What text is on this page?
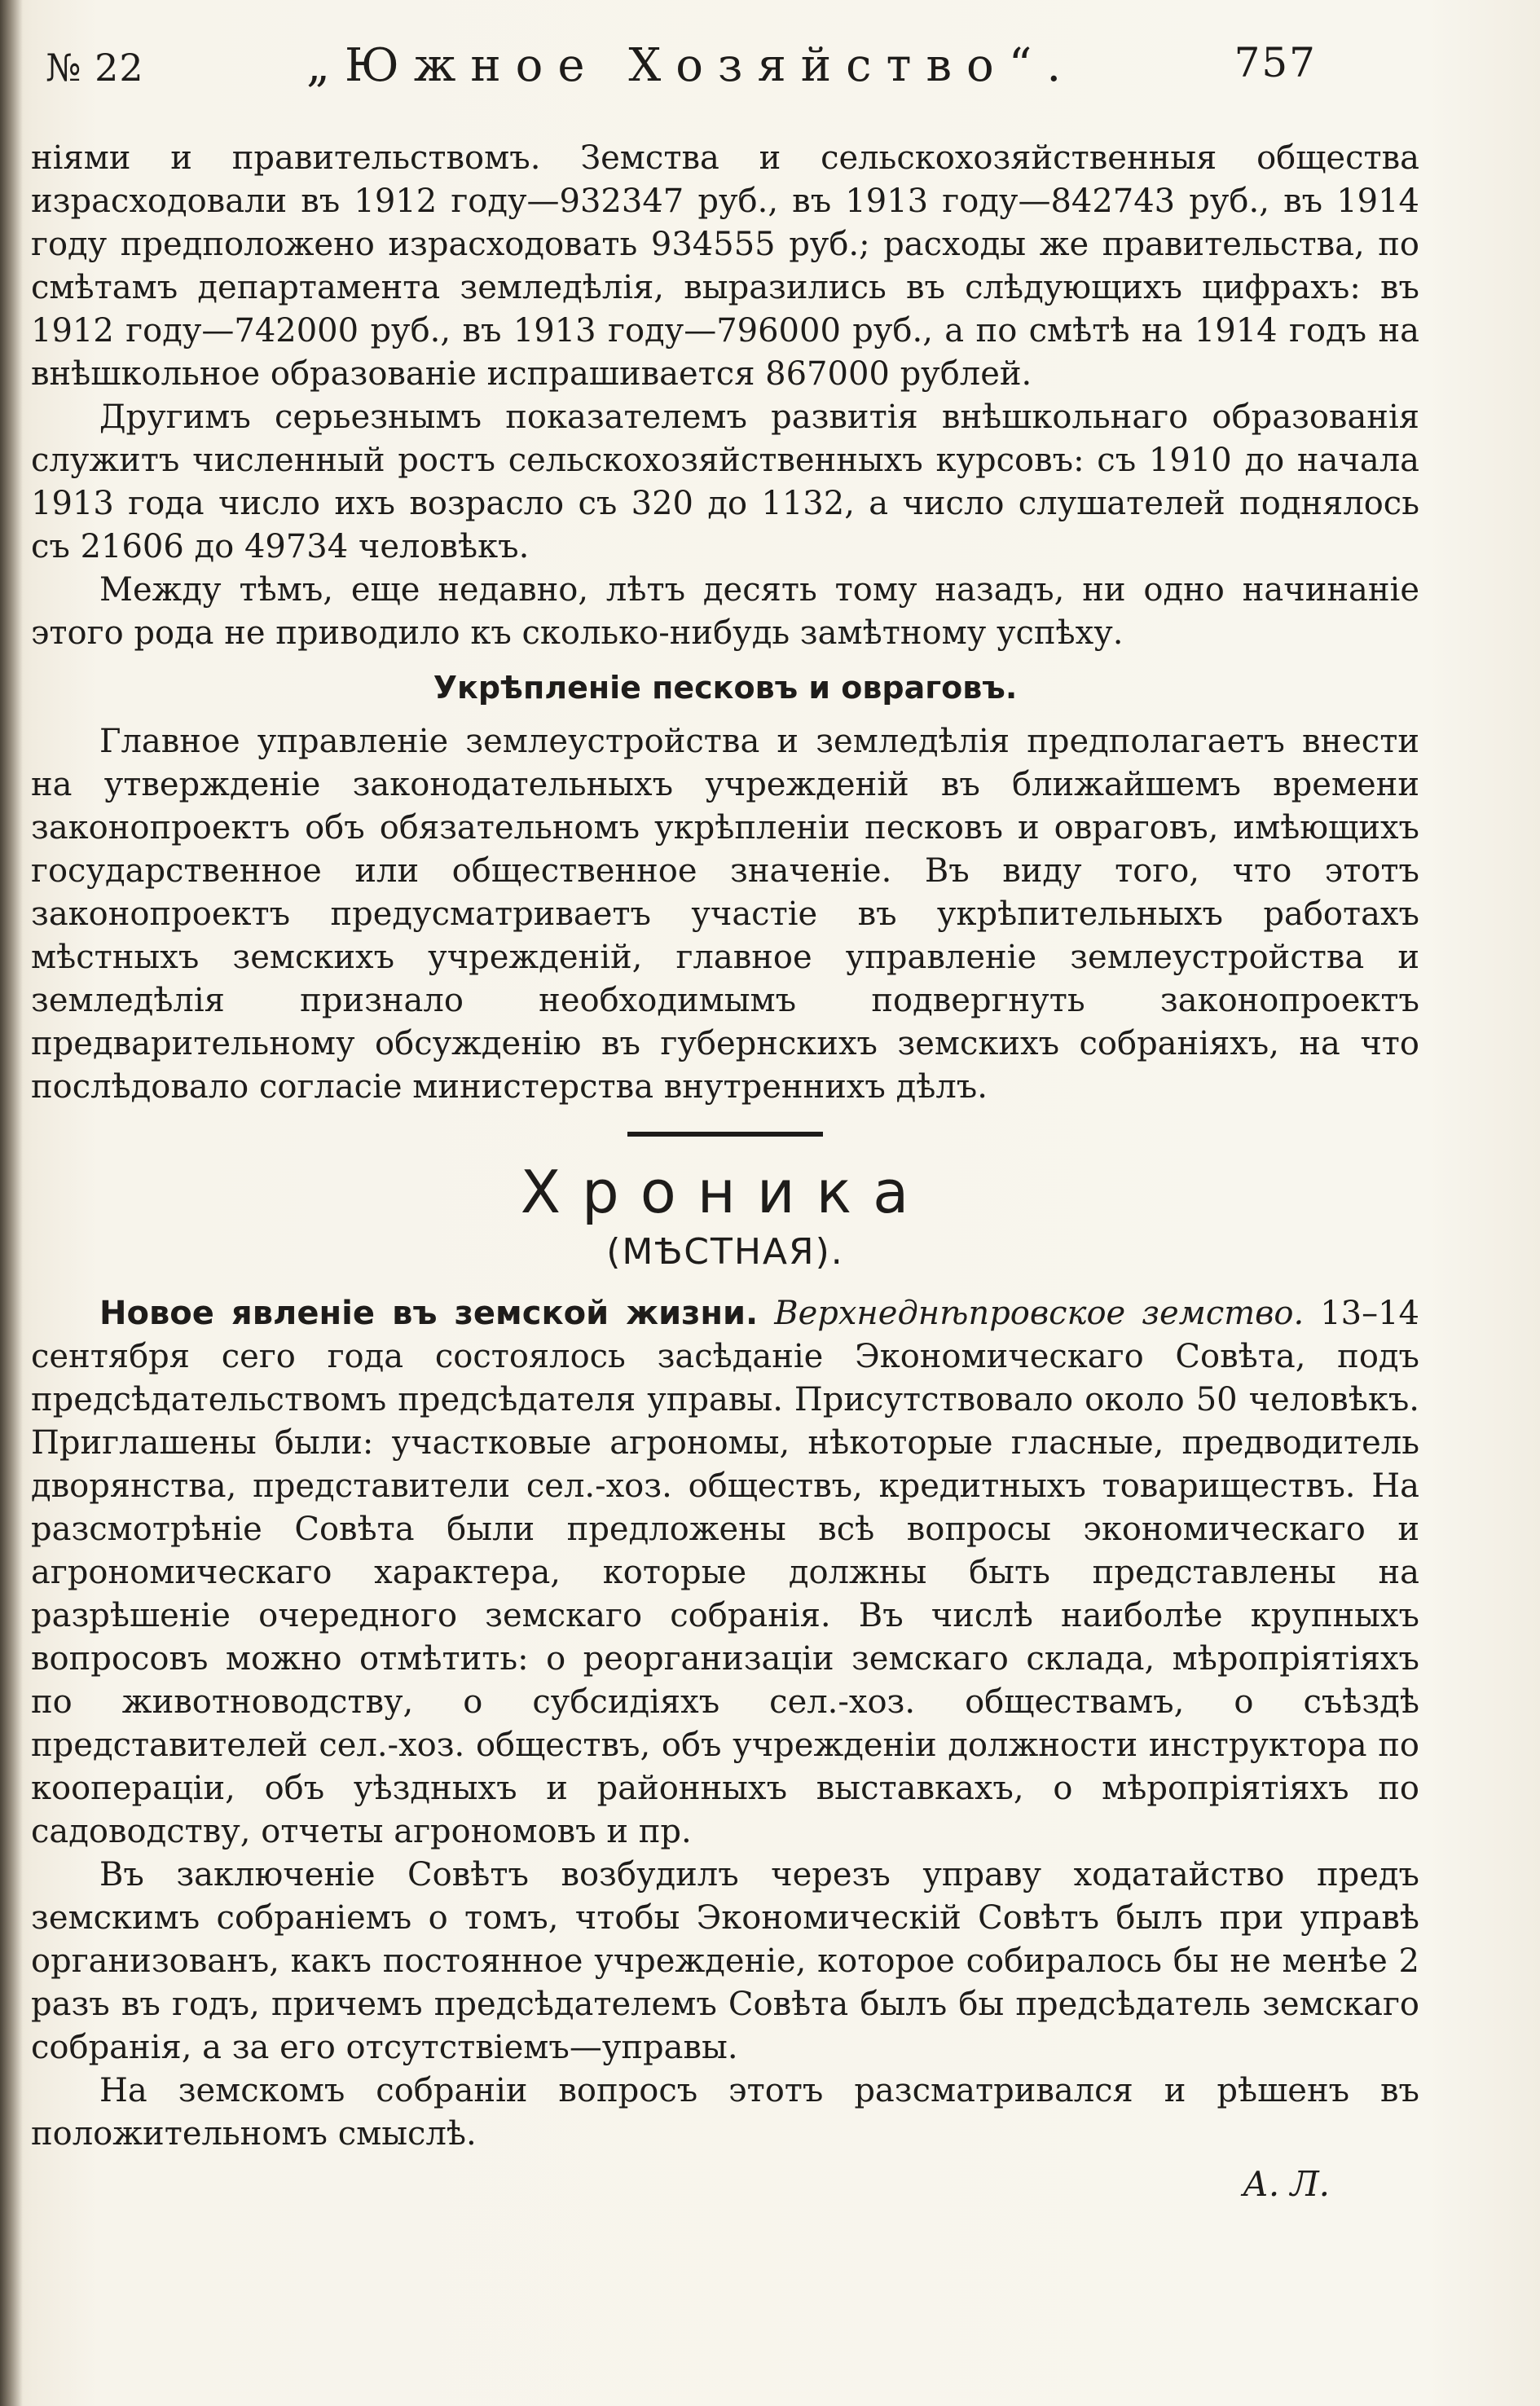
№ 22	„Южное Хозяйство“.	757

ніями и правительствомъ. Земства и сельскохозяйственныя общества израсходовали въ 1912 году—932347 руб., въ 1913 году—842743 руб., въ 1914 году предположено израсходовать 934555 руб.; расходы же правительства, по смѣтамъ департамента земледѣлія, выразились въ слѣдующихъ цифрахъ: въ 1912 году—742000 руб., въ 1913 году—796000 руб., а по смѣтѣ на 1914 годъ на внѣшкольное образованіе испрашивается 867000 рублей.

Другимъ серьезнымъ показателемъ развитія внѣшкольнаго образованія служитъ численный ростъ сельскохозяйственныхъ курсовъ: съ 1910 до начала 1913 года число ихъ возрасло съ 320 до 1132, а число слушателей поднялось съ 21606 до 49734 человѣкъ.

Между тѣмъ, еще недавно, лѣтъ десять тому назадъ, ни одно начинаніе этого рода не приводило къ сколько-нибудь замѣтному успѣху.

Укрѣпленіе песковъ и овраговъ.

Главное управленіе землеустройства и земледѣлія предполагаетъ внести на утвержденіе законодательныхъ учрежденій въ ближайшемъ времени законопроектъ объ обязательномъ укрѣпленіи песковъ и овраговъ, имѣющихъ государственное или общественное значеніе. Въ виду того, что этотъ законопроектъ предусматриваетъ участіе въ укрѣпительныхъ работахъ мѣстныхъ земскихъ учрежденій, главное управленіе землеустройства и земледѣлія признало необходимымъ подвергнуть законопроектъ предварительному обсужденію въ губернскихъ земскихъ собраніяхъ, на что послѣдовало согласіе министерства внутреннихъ дѣлъ.

Хроника
(МѢСТНАЯ).

Новое явленіе въ земской жизни. Верхнеднѣпровское земство. 13–14 сентября сего года состоялось засѣданіе Экономическаго Совѣта, подъ предсѣдательствомъ предсѣдателя управы. Присутствовало около 50 человѣкъ. Приглашены были: участковые агрономы, нѣкоторые гласные, предводитель дворянства, представители сел.-хоз. обществъ, кредитныхъ товариществъ. На разсмотрѣніе Совѣта были предложены всѣ вопросы экономическаго и агрономическаго характера, которые должны быть представлены на разрѣшеніе очередного земскаго собранія. Въ числѣ наиболѣе крупныхъ вопросовъ можно отмѣтить: о реорганизаціи земскаго склада, мѣропріятіяхъ по животноводству, о субсидіяхъ сел.-хоз. обществамъ, о съѣздѣ представителей сел.-хоз. обществъ, объ учрежденіи должности инструктора по коопераціи, объ уѣздныхъ и районныхъ выставкахъ, о мѣропріятіяхъ по садоводству, отчеты агрономовъ и пр.

Въ заключеніе Совѣтъ возбудилъ черезъ управу ходатайство предъ земскимъ собраніемъ о томъ, чтобы Экономическій Совѣтъ былъ при управѣ организованъ, какъ постоянное учрежденіе, которое собиралось бы не менѣе 2 разъ въ годъ, причемъ предсѣдателемъ Совѣта былъ бы предсѣдатель земскаго собранія, а за его отсутствіемъ—управы.

На земскомъ собраніи вопросъ этотъ разсматривался и рѣшенъ въ положительномъ смыслѣ.

А. Л.
